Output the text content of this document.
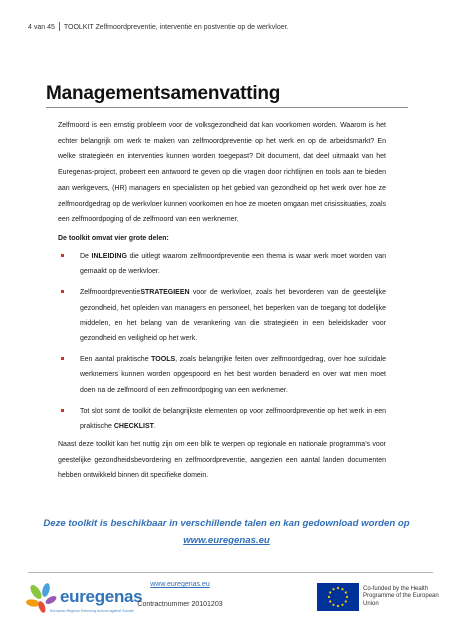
4 van 45 TOOLKIT Zelfmoordpreventie, interventie en postventie op de werkvloer.
Managementsamenvatting

Zelfmoord is een ernstig probleem voor de volksgezondheid dat kan voorkomen worden. Waarom is het echter belangrijk om werk te maken van zelfmoordpreventie op het werk en op de arbeidsmarkt? En welke strategieën en interventies kunnen worden toegepast? Dit document, dat deel uitmaakt van het Euregenas-project, probeert een antwoord te geven op die vragen door richtlijnen en tools aan te bieden aan werkgevers, (HR) managers en specialisten op het gebied van gezondheid op het werk over hoe ze zelfmoordgedrag op de werkvloer kunnen voorkomen en hoe ze moeten omgaan met crisissituaties, zoals een zelfmoordpoging of de zelfmoord van een werknemer.

De toolkit omvat vier grote delen:

De INLEIDING die uitlegt waarom zelfmoordpreventie een thema is waar werk moet worden van gemaakt op de werkvloer.
ZelfmoordpreventieSTRATEGIEEN voor de werkvloer, zoals het bevorderen van de geestelijke gezondheid, het opleiden van managers en personeel, het beperken van de toegang tot dodelijke middelen, en het belang van de verankering van die strategieën in een beleidskader voor gezondheid en veiligheid op het werk.
Een aantal praktische TOOLS, zoals belangrijke feiten over zelfmoordgedrag, over hoe suïcidale werknemers kunnen worden opgespoord en het best worden benaderd en over wat men moet doen na de zelfmoord of een zelfmoordpoging van een werknemer.
Tot slot somt de toolkit de belangrijkste elementen op voor zelfmoordpreventie op het werk in een praktische CHECKLIST.

Naast deze toolkit kan het nuttig zijn om een blik te werpen op regionale en nationale programma's voor geestelijke gezondheidsbevordering en zelfmoordpreventie, aangezien een aantal landen documenten hebben ontwikkeld binnen dit specifieke domein.

Deze toolkit is beschikbaar in verschillende talen en kan gedownload worden op
www.euregenas.eu
euregenas
European Regions Enforcing Actions against Suicide
www.euregenas.eu
Contractnummer 20101203
Co-funded by the Health Programme of the European Union
